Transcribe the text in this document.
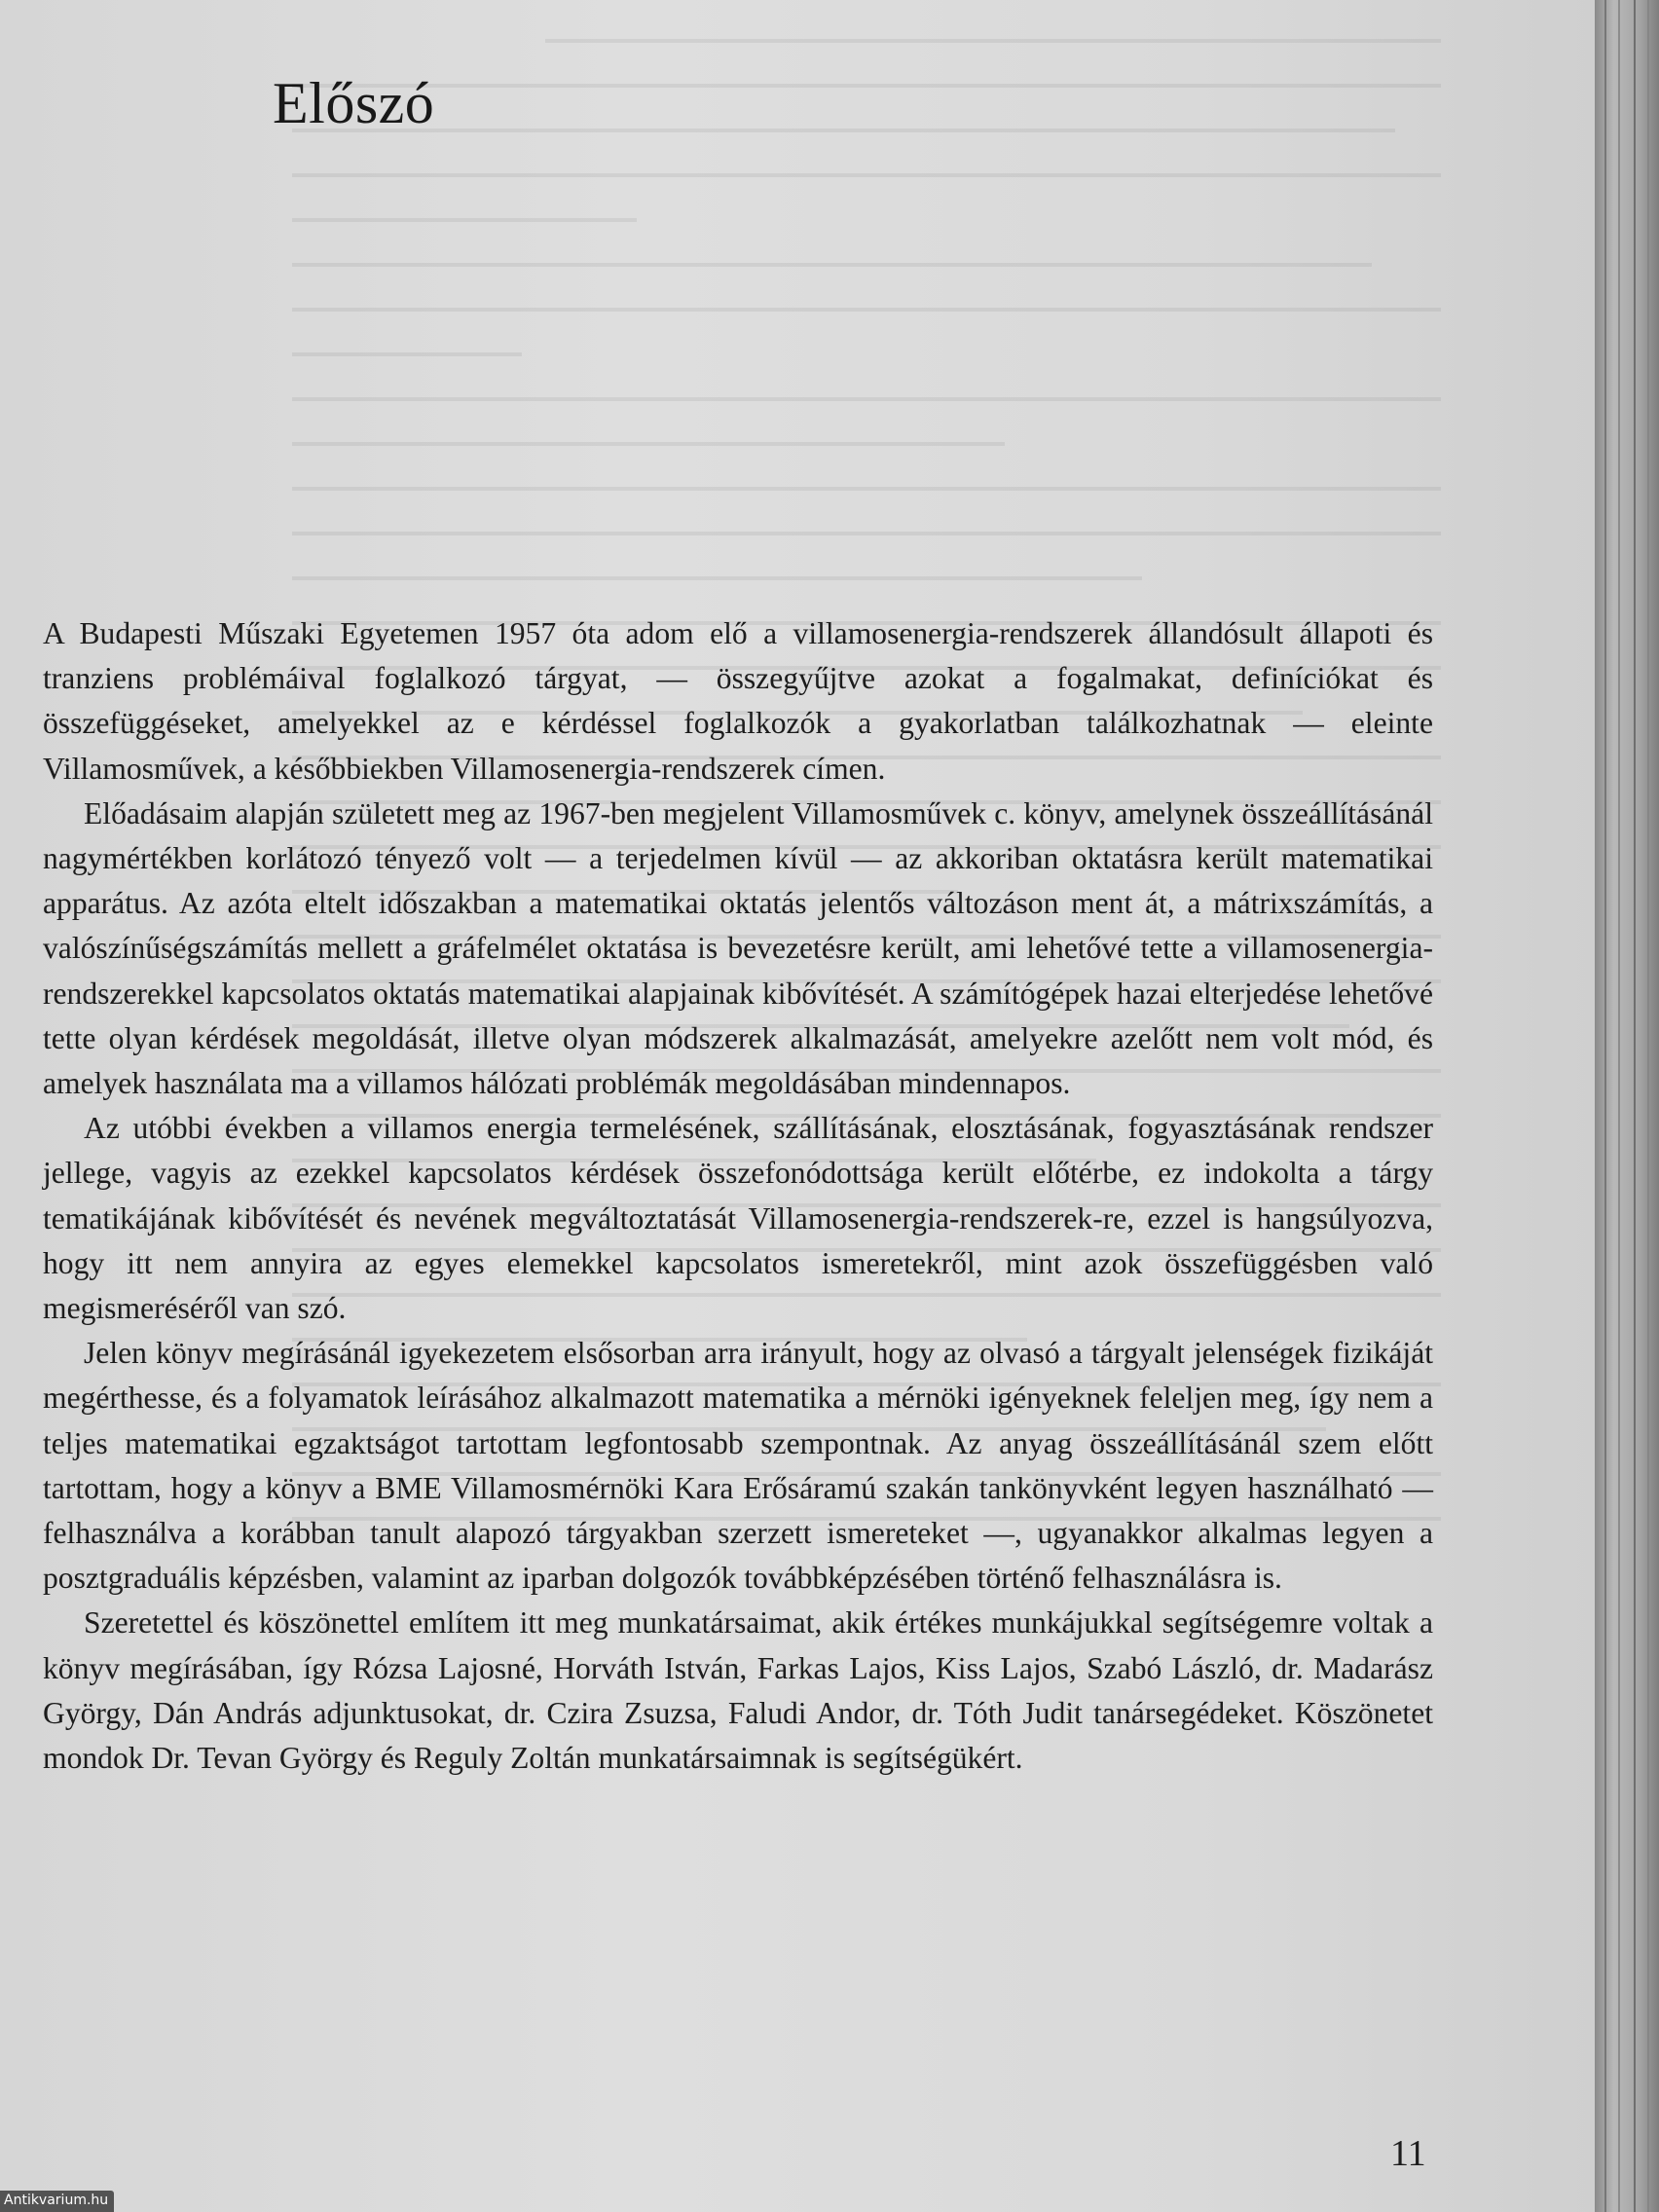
Előszó

A Budapesti Műszaki Egyetemen 1957 óta adom elő a villamosenergia-rendszerek állandósult állapoti és tranziens problémáival foglalkozó tárgyat, — összegyűjtve azokat a fogalmakat, definíciókat és összefüggéseket, amelyekkel az e kérdéssel foglalkozók a gyakorlatban találkozhatnak — eleinte Villamosművek, a későbbiekben Villamosenergia-rendszerek címen.

Előadásaim alapján született meg az 1967-ben megjelent Villamosművek c. könyv, amelynek összeállításánál nagymértékben korlátozó tényező volt — a terjedelmen kívül — az akkoriban oktatásra került matematikai apparátus. Az azóta eltelt időszakban a matematikai oktatás jelentős változáson ment át, a mátrixszámítás, a valószínűségszámítás mellett a gráfelmélet oktatása is bevezetésre került, ami lehetővé tette a villamosenergia-rendszerekkel kapcsolatos oktatás matematikai alapjainak kibővítését. A számítógépek hazai elterjedése lehetővé tette olyan kérdések megoldását, illetve olyan módszerek alkalmazását, amelyekre azelőtt nem volt mód, és amelyek használata ma a villamos hálózati problémák megoldásában mindennapos.

Az utóbbi években a villamos energia termelésének, szállításának, elosztásának, fogyasztásának rendszer jellege, vagyis az ezekkel kapcsolatos kérdések összefonódottsága került előtérbe, ez indokolta a tárgy tematikájának kibővítését és nevének megváltoztatását Villamosenergia-rendszerek-re, ezzel is hangsúlyozva, hogy itt nem annyira az egyes elemekkel kapcsolatos ismeretekről, mint azok összefüggésben való megismeréséről van szó.

Jelen könyv megírásánál igyekezetem elsősorban arra irányult, hogy az olvasó a tárgyalt jelenségek fizikáját megérthesse, és a folyamatok leírásához alkalmazott matematika a mérnöki igényeknek feleljen meg, így nem a teljes matematikai egzaktságot tartottam legfontosabb szempontnak. Az anyag összeállításánál szem előtt tartottam, hogy a könyv a BME Villamosmérnöki Kara Erősáramú szakán tankönyvként legyen használható — felhasználva a korábban tanult alapozó tárgyakban szerzett ismereteket —, ugyanakkor alkalmas legyen a posztgraduális képzésben, valamint az iparban dolgozók továbbképzésében történő felhasználásra is.

Szeretettel és köszönettel említem itt meg munkatársaimat, akik értékes munkájukkal segítségemre voltak a könyv megírásában, így Rózsa Lajosné, Horváth István, Farkas Lajos, Kiss Lajos, Szabó László, dr. Madarász György, Dán András adjunktusokat, dr. Czira Zsuzsa, Faludi Andor, dr. Tóth Judit tanársegédeket. Köszönetet mondok Dr. Tevan György és Reguly Zoltán munkatársaimnak is segítségükért.

11
Antikvarium.hu
